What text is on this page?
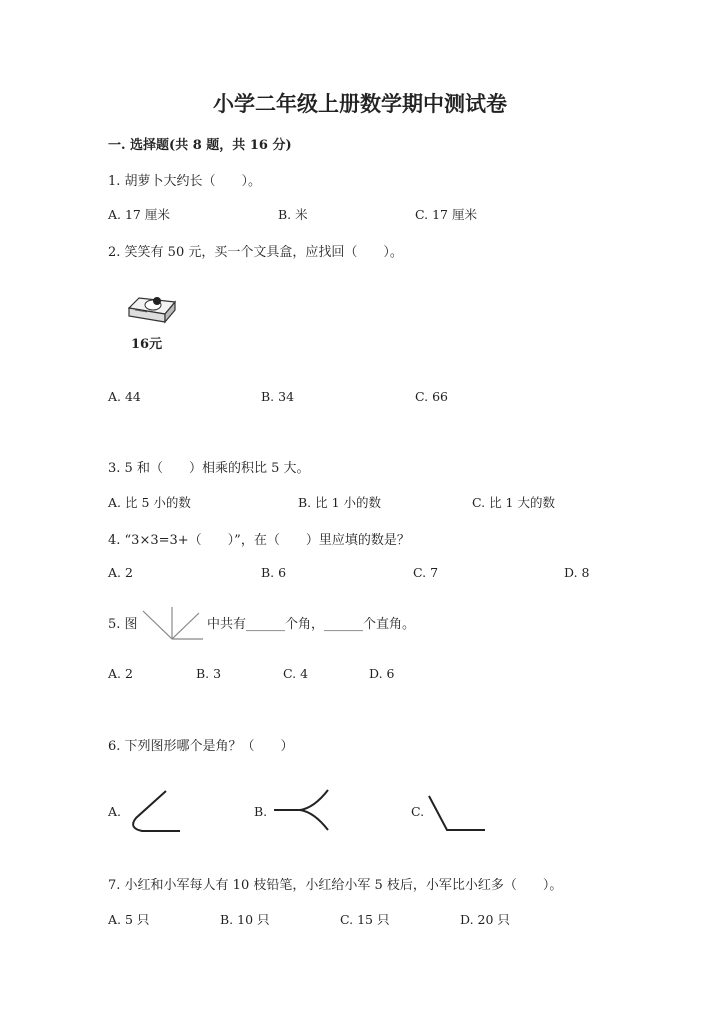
小学二年级上册数学期中测试卷
一. 选择题(共 8 题，共 16 分)
1. 胡萝卜大约长（　　）。
A. 17 厘米	B. 米	C. 17 厘米
2. 笑笑有 50 元，买一个文具盒，应找回（　　）。
16元
A. 44	B. 34	C. 66
3. 5 和（　　）相乘的积比 5 大。
A. 比 5 小的数	B. 比 1 小的数	C. 比 1 大的数
4. “3×3=3+（　　）”，在（　　）里应填的数是？
A. 2	B. 6	C. 7	D. 8
5. 图	中共有______个角，______个直角。
A. 2	B. 3	C. 4	D. 6
6. 下列图形哪个是角？（　　）
A.	B.	C.
7. 小红和小军每人有 10 枝铅笔，小红给小军 5 枝后，小军比小红多（　　）。
A. 5 只	B. 10 只	C. 15 只	D. 20 只
